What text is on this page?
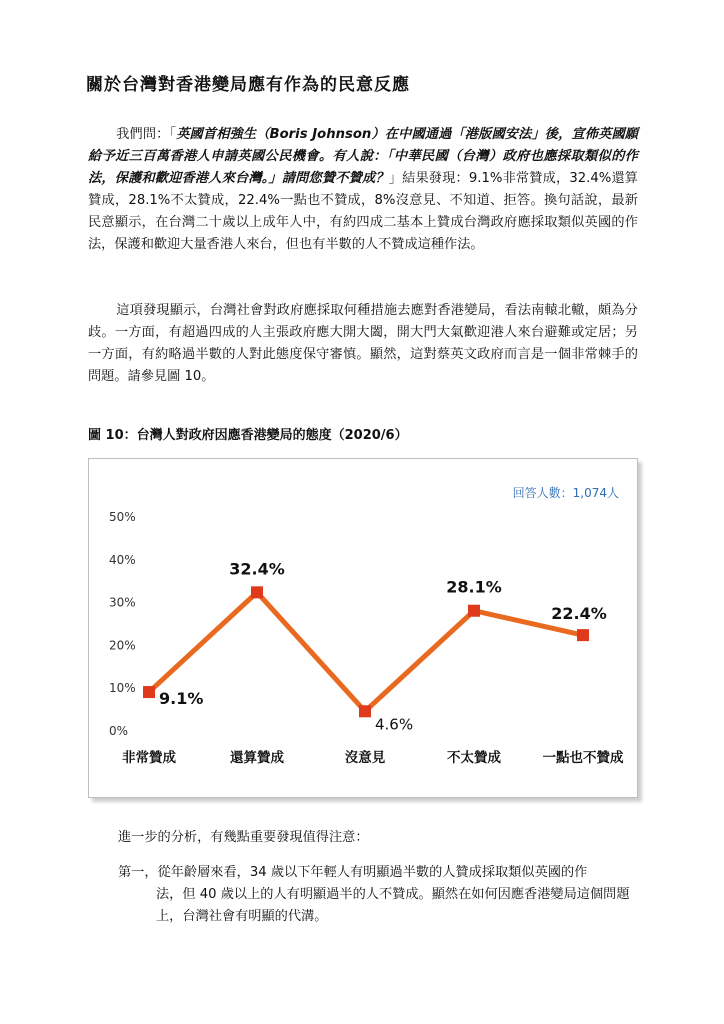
關於台灣對香港變局應有作為的民意反應
我們問：「英國首相強生（Boris Johnson）在中國通過「港版國安法」後，宣佈英國願給予近三百萬香港人申請英國公民機會。有人說：「中華民國（台灣）政府也應採取類似的作法，保護和歡迎香港人來台灣。」請問您贊不贊成？」結果發現：9.1%非常贊成，32.4%還算贊成，28.1%不太贊成，22.4%一點也不贊成，8%沒意見、不知道、拒答。換句話說，最新民意顯示，在台灣二十歲以上成年人中，有約四成二基本上贊成台灣政府應採取類似英國的作法，保護和歡迎大量香港人來台，但也有半數的人不贊成這種作法。
這項發現顯示，台灣社會對政府應採取何種措施去應對香港變局，看法南轅北轍，頗為分歧。一方面，有超過四成的人主張政府應大開大闔，開大門大氣歡迎港人來台避難或定居；另一方面，有約略過半數的人對此態度保守審慎。顯然，這對蔡英文政府而言是一個非常棘手的問題。請參見圖 10。
圖 10：台灣人對政府因應香港變局的態度（2020/6）
回答人數：1,074人
0%
10%
20%
30%
40%
50%
9.1%
32.4%
4.6%
28.1%
22.4%
非常贊成	還算贊成	沒意見	不太贊成	一點也不贊成
進一步的分析，有幾點重要發現值得注意：
第一，從年齡層來看，34 歲以下年輕人有明顯過半數的人贊成採取類似英國的作
法，但 40 歲以上的人有明顯過半的人不贊成。顯然在如何因應香港變局這個問題上，台灣社會有明顯的代溝。
